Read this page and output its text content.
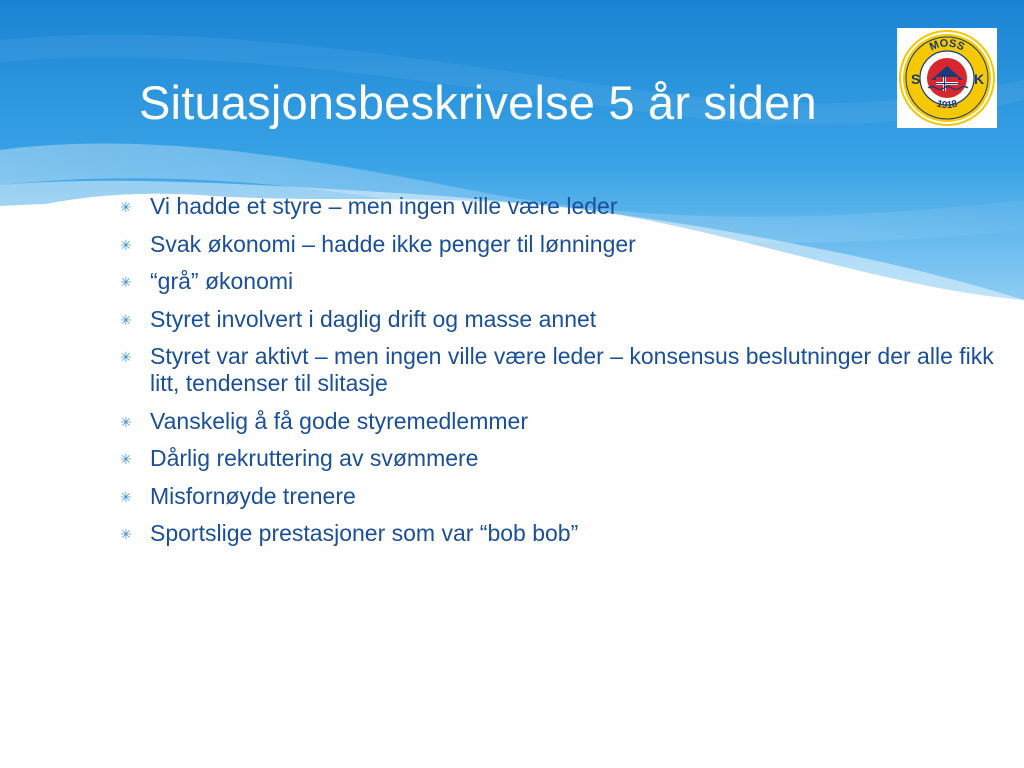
Situasjonsbeskrivelse 5 år siden
MOSS
1918
S	K
✳ Vi hadde et styre – men ingen ville være leder
✳ Svak økonomi – hadde ikke penger til lønninger
✳ “grå” økonomi
✳ Styret involvert i daglig drift og masse annet
✳ Styret var aktivt – men ingen ville være leder – konsensus beslutninger der alle fikk litt, tendenser til slitasje
✳ Vanskelig å få gode styremedlemmer
✳ Dårlig rekruttering av svømmere
✳ Misfornøyde trenere
✳ Sportslige prestasjoner som var “bob bob”
